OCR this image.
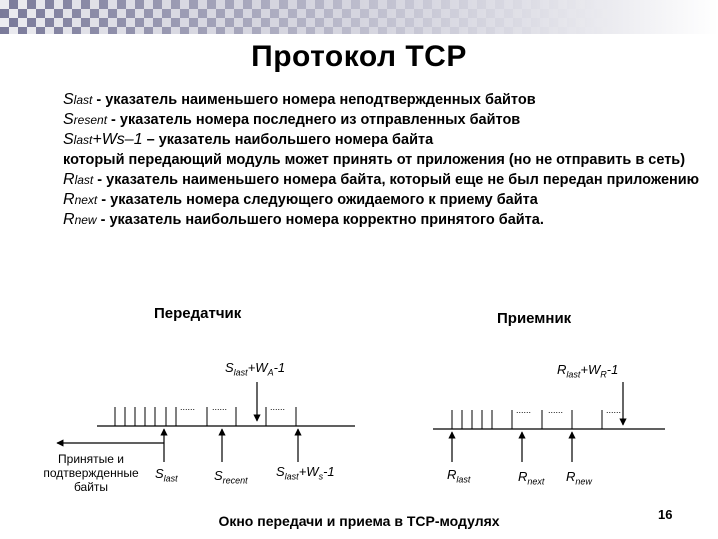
Протокол TCP
Slast - указатель наименьшего номера неподтвержденных байтов
Sresent - указатель номера последнего из отправленных байтов
Slast+Ws–1 – указатель наибольшего номера байта
который передающий модуль может принять от приложения (но не отправить в сеть)
Rlast - указатель наименьшего номера байта, который еще не был передан приложению
Rnext - указатель номера следующего ожидаемого к приему байта
Rnew - указатель наибольшего номера корректно принятого байта.
Передатчик	Приемник
...... ......	......	...... ......	......
$S_{last}+W_A-1$
Принятые и подтвержденные байты
$S_{last}$	$S_{recent}$
$S_{last}+W_s-1$
$R_{last}+W_R-1$
$R_{last}$	$R_{next}$ $R_{new}$
Окно передачи и приема в TCP-модулях	16
